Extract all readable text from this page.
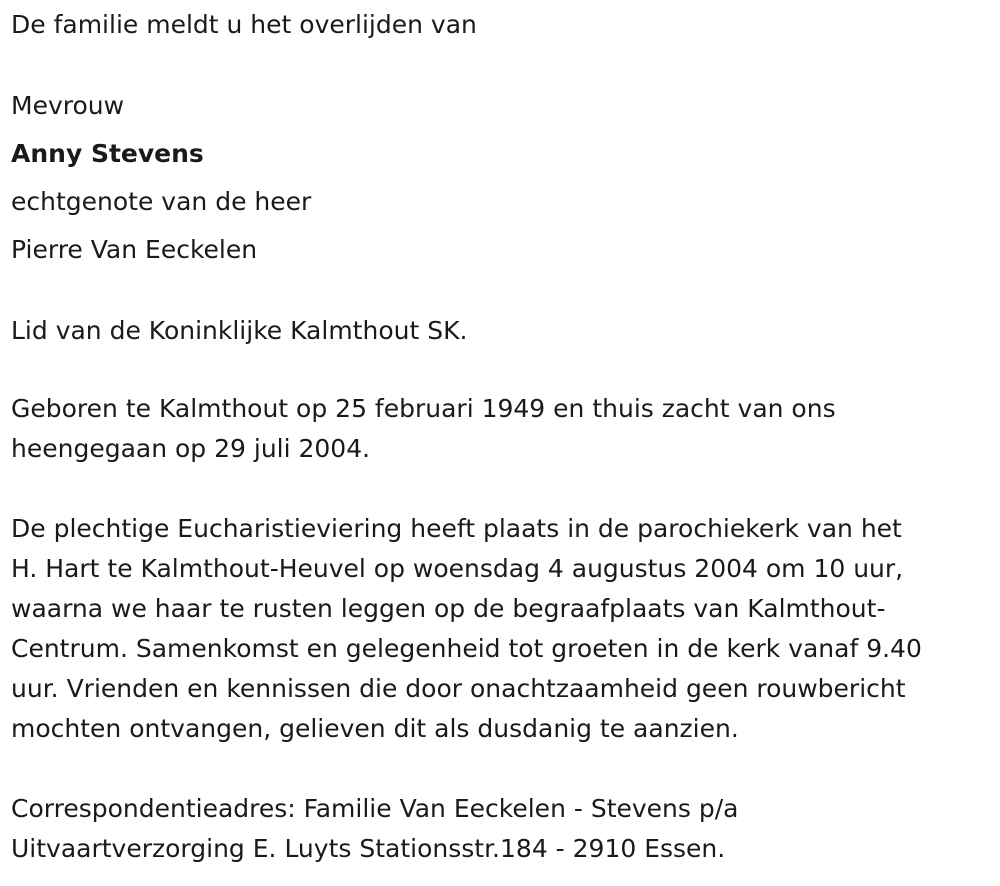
De familie meldt u het overlijden van
Mevrouw
Anny Stevens
echtgenote van de heer
Pierre Van Eeckelen
Lid van de Koninklijke Kalmthout SK.
Geboren te Kalmthout op 25 februari 1949 en thuis zacht van ons
heengegaan op 29 juli 2004.
De plechtige Eucharistieviering heeft plaats in de parochiekerk van het
H. Hart te Kalmthout-Heuvel op woensdag 4 augustus 2004 om 10 uur,
waarna we haar te rusten leggen op de begraafplaats van Kalmthout-
Centrum. Samenkomst en gelegenheid tot groeten in de kerk vanaf 9.40
uur. Vrienden en kennissen die door onachtzaamheid geen rouwbericht
mochten ontvangen, gelieven dit als dusdanig te aanzien.
Correspondentieadres: Familie Van Eeckelen - Stevens p/a
Uitvaartverzorging E. Luyts Stationsstr.184 - 2910 Essen.
